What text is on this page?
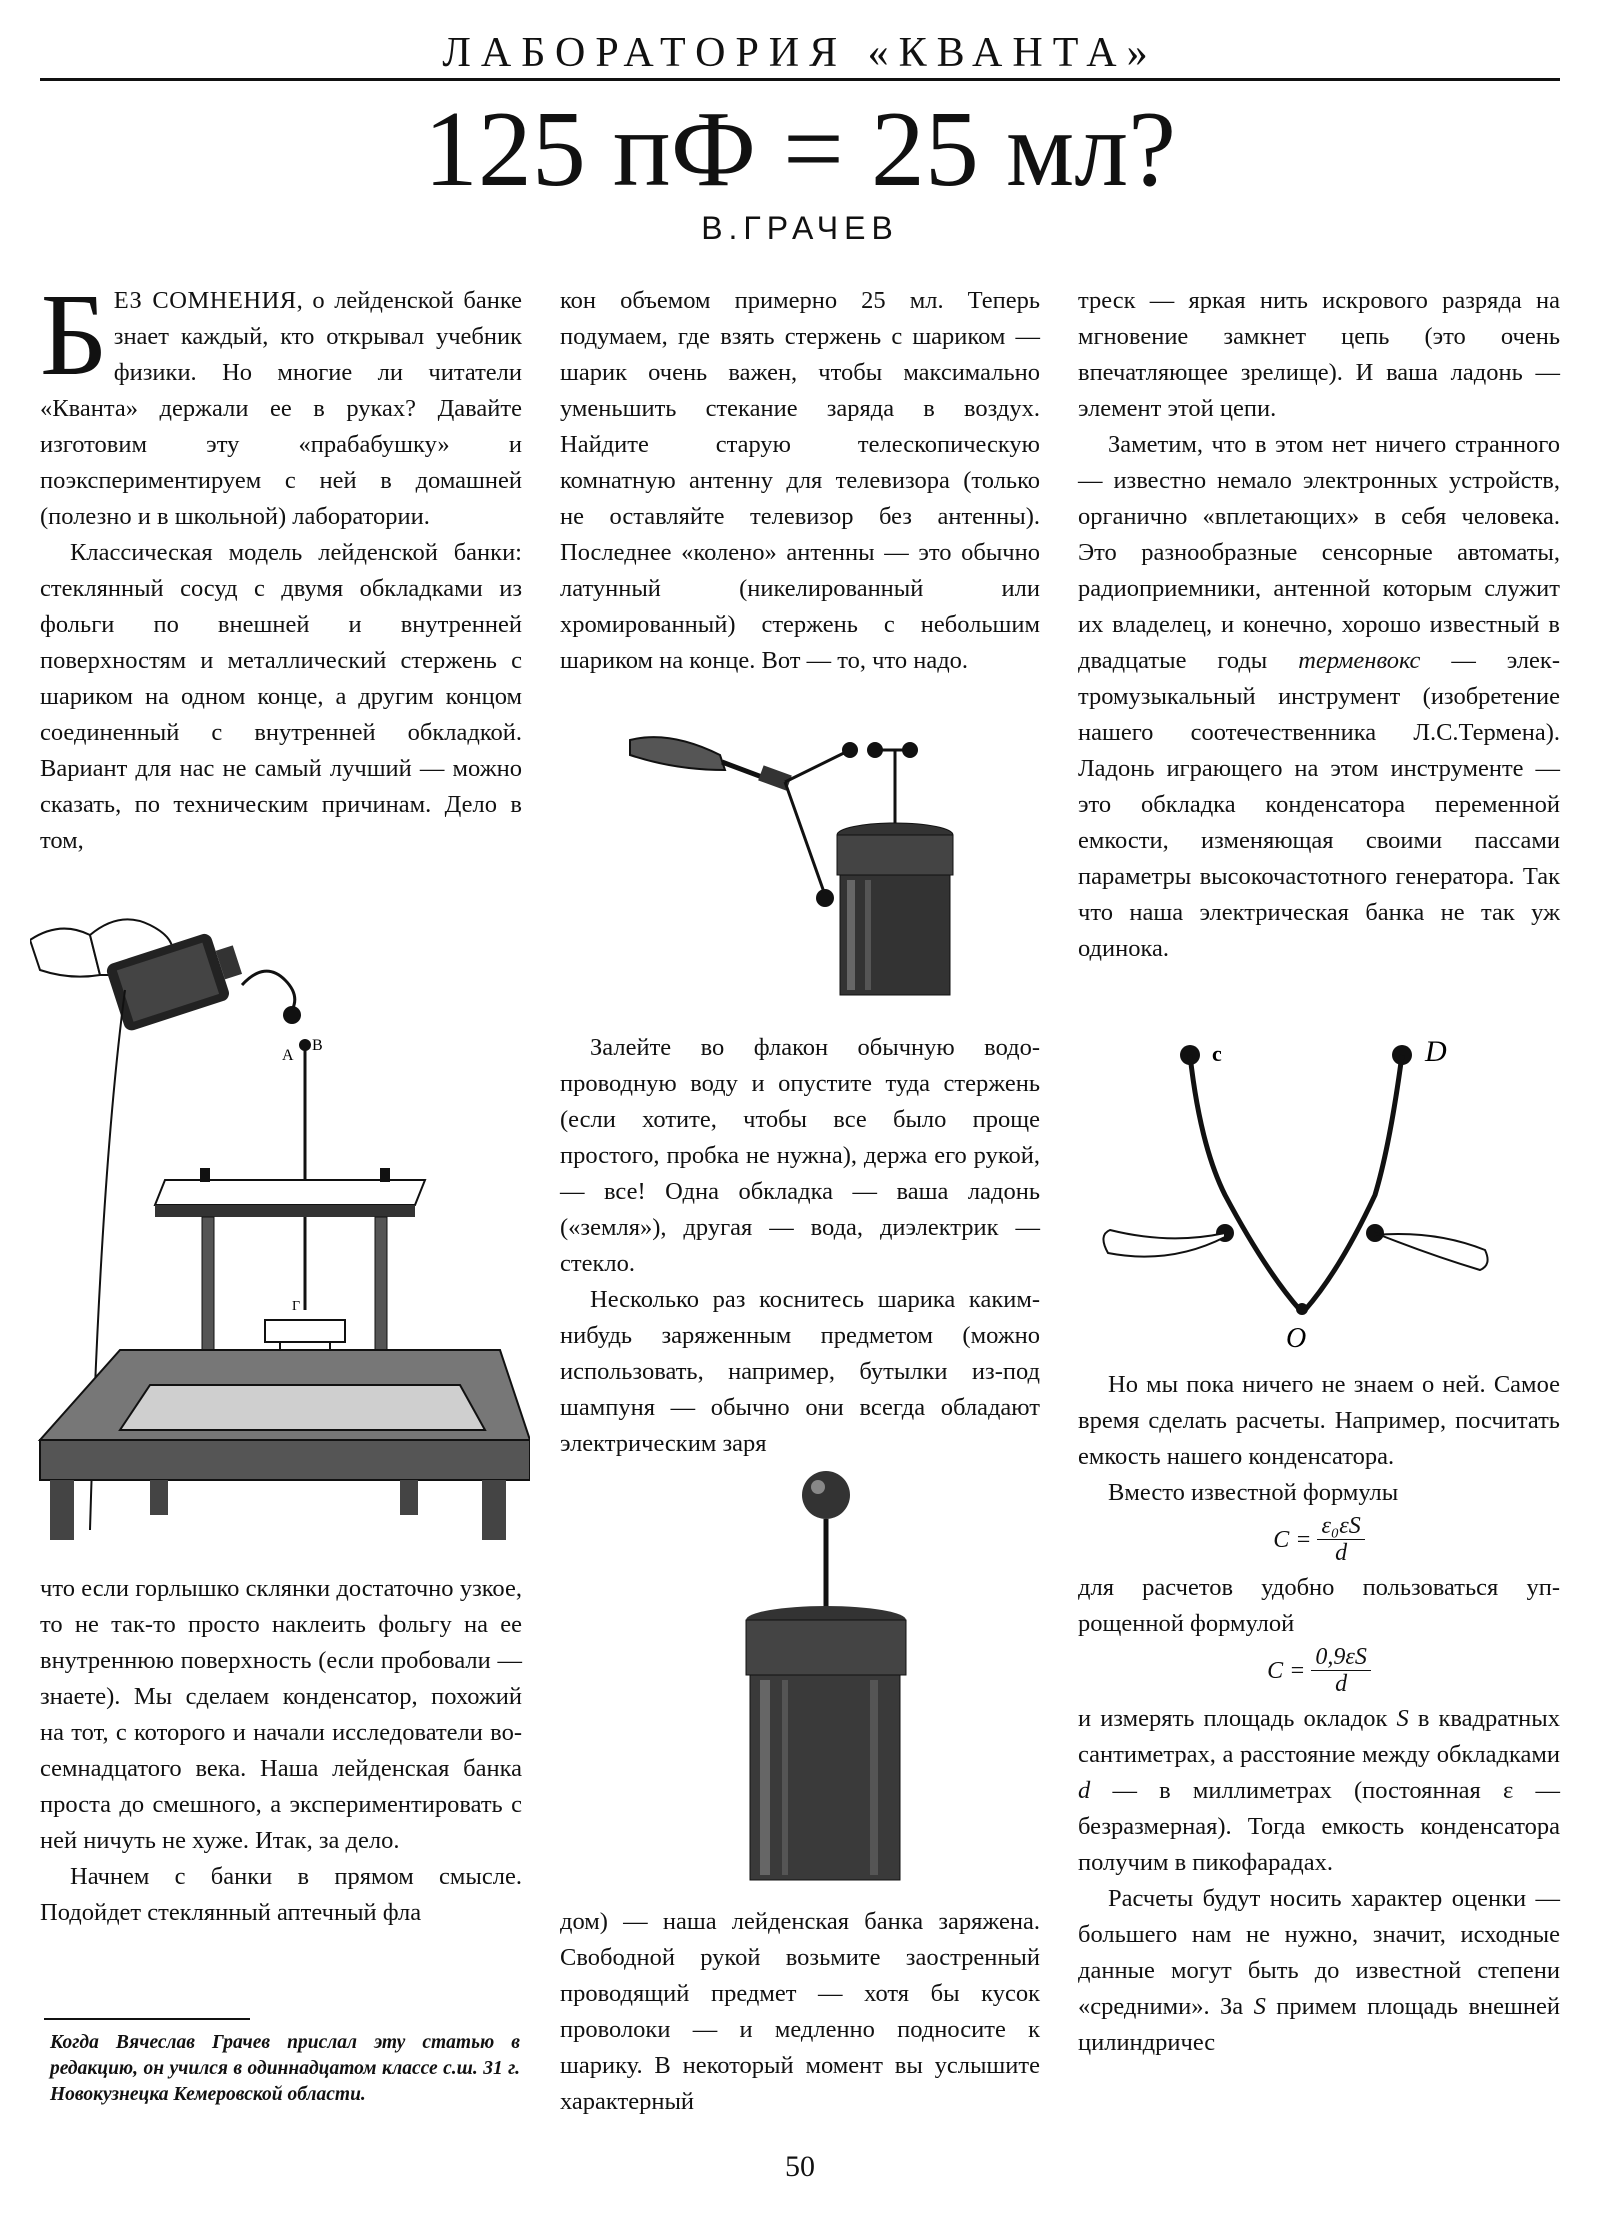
ЛАБОРАТОРИЯ «КВАНТА»
125 пФ = 25 мл?
В.ГРАЧЕВ

БЕЗ СОМНЕНИЯ, о лейденской банке знает каждый, кто открывал учебник физики. Но многие ли читатели «Кванта» держали ее в руках? Давайте изготовим эту «прабабушку» и поэкспериментируем с ней в домашней (полезно и в школьной) лаборатории.

Классическая модель лейденской банки: стеклянный сосуд с двумя обкладками из фольги по внешней и внутренней поверхностям и металлический стержень с шариком на одном конце, а другим концом соединенный с внутренней обкладкой. Вариант для нас не самый лучший — можно сказать, по техническим причинам. Дело в том,

A
B
Г

что если горлышко склянки достаточно узкое, то не так-то просто наклеить фольгу на ее внутреннюю поверхность (если пробовали — знаете). Мы сделаем конденсатор, похожий на тот, с которого и начали исследователи восемнадцатого века. Наша лейденская банка проста до смешного, а экспериментировать с ней ничуть не хуже. Итак, за дело.

Начнем с банки в прямом смысле. Подойдет стеклянный аптечный фла

Когда Вячеслав Грачев прислал эту статью в редакцию, он учился в одиннадцатом классе с.ш. 31 г. Новокузнецка Кемеровской области.

кон объемом примерно 25 мл. Теперь подумаем, где взять стержень с шариком — шарик очень важен, чтобы максимально уменьшить стекание заряда в воздух. Найдите старую телескопическую комнатную антенну для телевизора (только не оставляйте телевизор без антенны). Последнее «колено» антенны — это обычно латунный (никелированный или хромированный) стержень с небольшим шариком на конце. Вот — то, что надо.

Залейте во флакон обычную водопроводную воду и опустите туда стержень (если хотите, чтобы все было проще простого, пробка не нужна), держа его рукой, — все! Одна обкладка — ваша ладонь («земля»), другая — вода, диэлектрик — стекло.

Несколько раз коснитесь шарика каким-нибудь заряженным предметом (можно использовать, например, бутылки из-под шампуня — обычно они всегда обладают электрическим заря

дом) — наша лейденская банка заряжена. Свободной рукой возьмите заостренный проводящий предмет — хотя бы кусок проволоки — и медленно подносите к шарику. В некоторый момент вы услышите характерный

треск — яркая нить искрового разряда на мгновение замкнет цепь (это очень впечатляющее зрелище). И ваша ладонь — элемент этой цепи.

Заметим, что в этом нет ничего странного — известно немало электронных устройств, органично «вплетающих» в себя человека. Это разнообразные сенсорные автоматы, радиоприемники, антенной которым служит их владелец, и конечно, хорошо известный в двадцатые годы терменвокс — электромузыкальный инструмент (изобретение нашего соотечественника Л.С.Термена). Ладонь играющего на этом инструменте — это обкладка конденсатора переменной емкости, изменяющая своими пассами параметры высокочастотного генератора. Так что наша электрическая банка не так уж одинока.

c	D
O

Но мы пока ничего не знаем о ней. Самое время сделать расчеты. Например, посчитать емкость нашего конденсатора.

Вместо известной формулы

$C = \frac{\text{ε₀εS}}{d}$

для расчетов удобно пользоваться упрощенной формулой

$C = \frac{0,9\varepsilon S}{d}$

и измерять площадь окладок S в квадратных сантиметрах, а расстояние между обкладками d — в миллиметрах (постоянная ε — безразмерная). Тогда емкость конденсатора получим в пикофарадах.

Расчеты будут носить характер оценки — большего нам не нужно, значит, исходные данные могут быть до известной степени «средними». За S примем площадь внешней цилиндричес

50
